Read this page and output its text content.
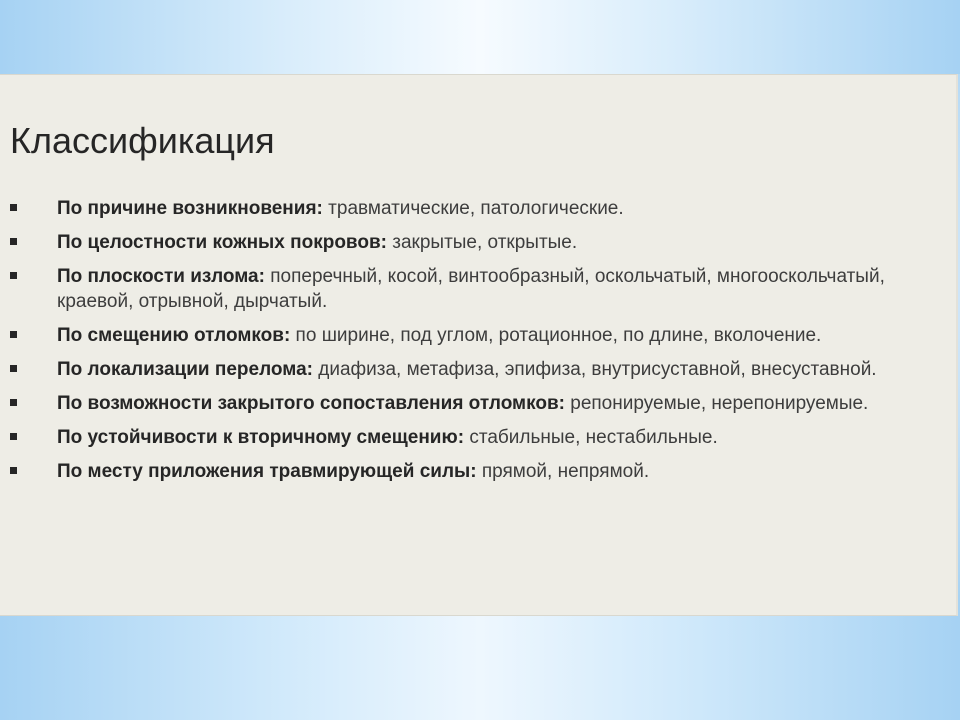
Классификация
По причине возникновения: травматические, патологические.
По целостности кожных покровов: закрытые, открытые.
По плоскости излома: поперечный, косой, винтообразный, оскольчатый, многооскольчатый, краевой, отрывной, дырчатый.
По смещению отломков: по ширине, под углом, ротационное, по длине, вколочение.
По локализации перелома: диафиза, метафиза, эпифиза, внутрисуставной, внесуставной.
По возможности закрытого сопоставления отломков: репонируемые, нерепонируемые.
По устойчивости к вторичному смещению: стабильные, нестабильные.
По месту приложения травмирующей силы: прямой, непрямой.
